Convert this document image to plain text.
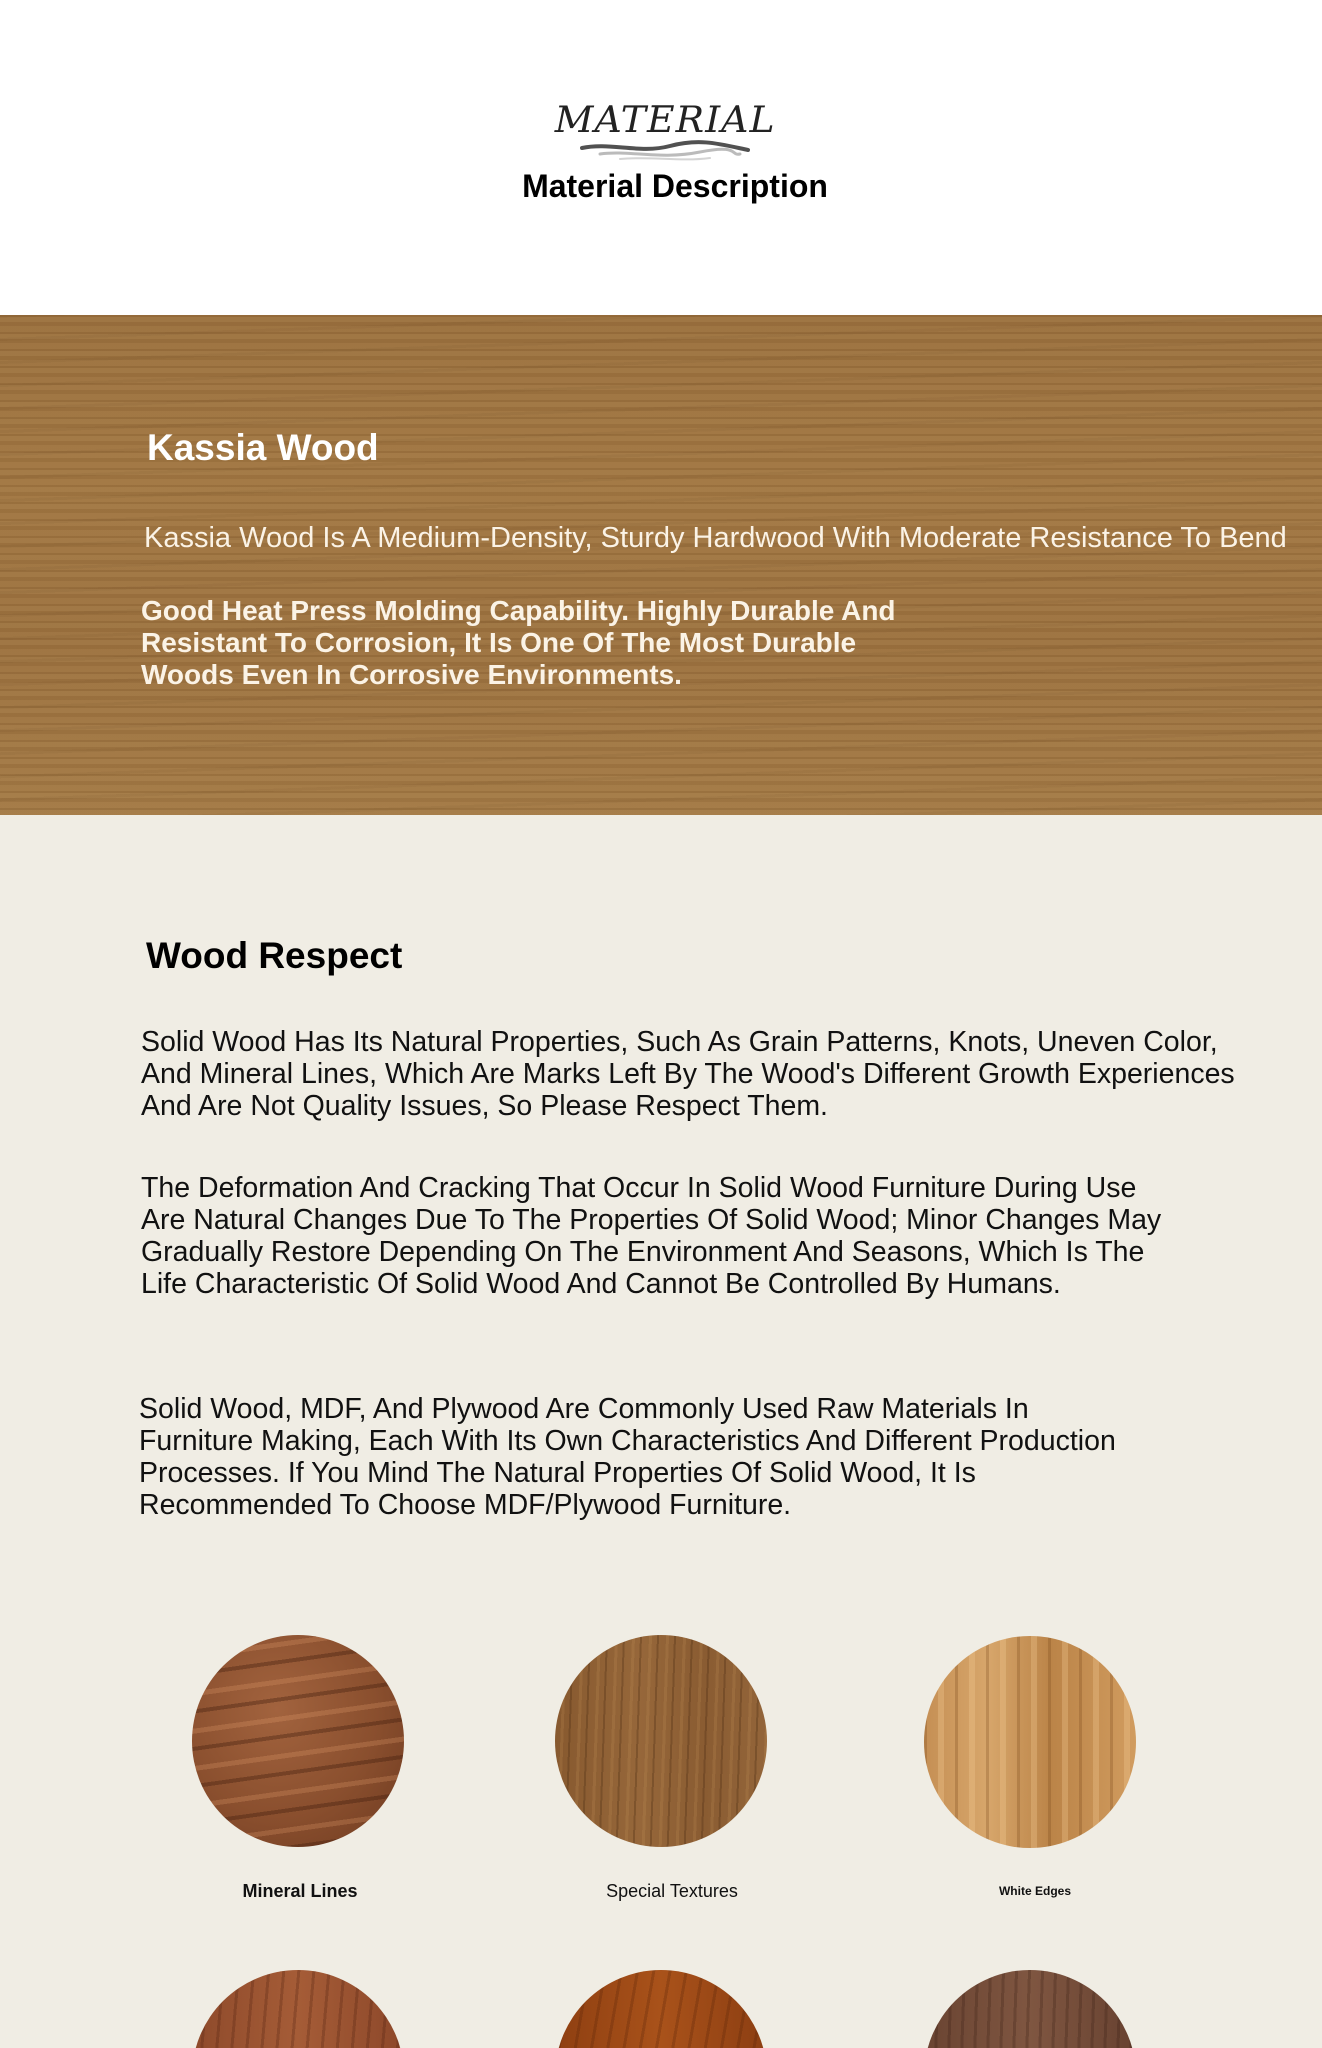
MATERIAL
Material Description
Kassia Wood
Kassia Wood Is A Medium-Density, Sturdy Hardwood With Moderate Resistance To Bend
Good Heat Press Molding Capability. Highly Durable And Resistant To Corrosion, It Is One Of The Most Durable Woods Even In Corrosive Environments.
Wood Respect
Solid Wood Has Its Natural Properties, Such As Grain Patterns, Knots, Uneven Color, And Mineral Lines, Which Are Marks Left By The Wood's Different Growth Experiences And Are Not Quality Issues, So Please Respect Them.
The Deformation And Cracking That Occur In Solid Wood Furniture During Use Are Natural Changes Due To The Properties Of Solid Wood; Minor Changes May Gradually Restore Depending On The Environment And Seasons, Which Is The Life Characteristic Of Solid Wood And Cannot Be Controlled By Humans.
Solid Wood, MDF, And Plywood Are Commonly Used Raw Materials In Furniture Making, Each With Its Own Characteristics And Different Production Processes. If You Mind The Natural Properties Of Solid Wood, It Is Recommended To Choose MDF/Plywood Furniture.
Mineral Lines	Special Textures	White Edges
